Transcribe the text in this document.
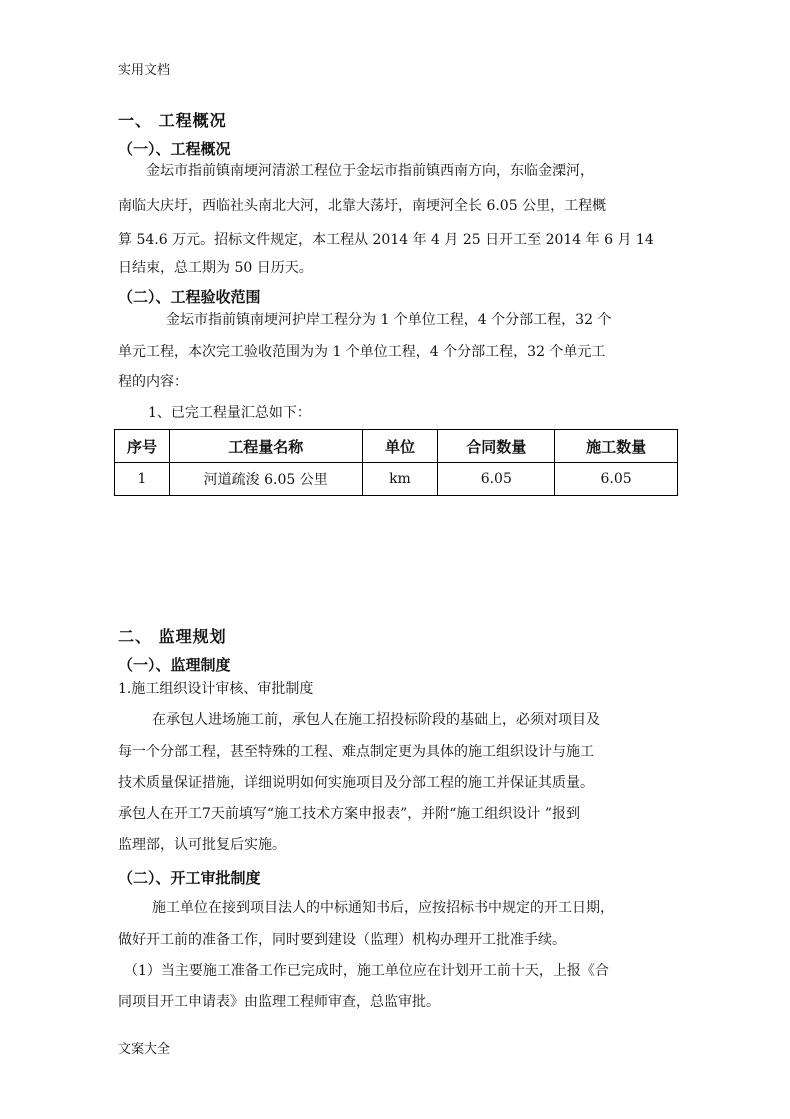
实用文档
一、 工程概况
（一）、工程概况
金坛市指前镇南埂河清淤工程位于金坛市指前镇西南方向，东临金溧河，
南临大庆圩，西临社头南北大河，北靠大荡圩，南埂河全长 6.05 公里，工程概
算 54.6 万元。招标文件规定，本工程从 2014 年 4 月 25 日开工至 2014 年 6 月 14
日结束，总工期为 50 日历天。
（二）、工程验收范围
金坛市指前镇南埂河护岸工程分为 1 个单位工程，4 个分部工程，32 个
单元工程，本次完工验收范围为为 1 个单位工程，4 个分部工程，32 个单元工
程的内容：
1、已完工程量汇总如下：
序号	工程量名称	单位	合同数量	施工数量
1	河道疏浚 6.05 公里	km	6.05	6.05
二、 监理规划
（一）、监理制度
1.施工组织设计审核、审批制度
在承包人进场施工前，承包人在施工招投标阶段的基础上，必须对项目及
每一个分部工程，甚至特殊的工程、难点制定更为具体的施工组织设计与施工
技术质量保证措施，详细说明如何实施项目及分部工程的施工并保证其质量。
承包人在开工7天前填写“施工技术方案申报表”，并附“施工组织设计 ”报到
监理部，认可批复后实施。
（二）、开工审批制度
施工单位在接到项目法人的中标通知书后，应按招标书中规定的开工日期，
做好开工前的准备工作，同时要到建设（监理）机构办理开工批准手续。
（1）当主要施工准备工作已完成时，施工单位应在计划开工前十天，上报《合
同项目开工申请表》由监理工程师审查，总监审批。
文案大全
